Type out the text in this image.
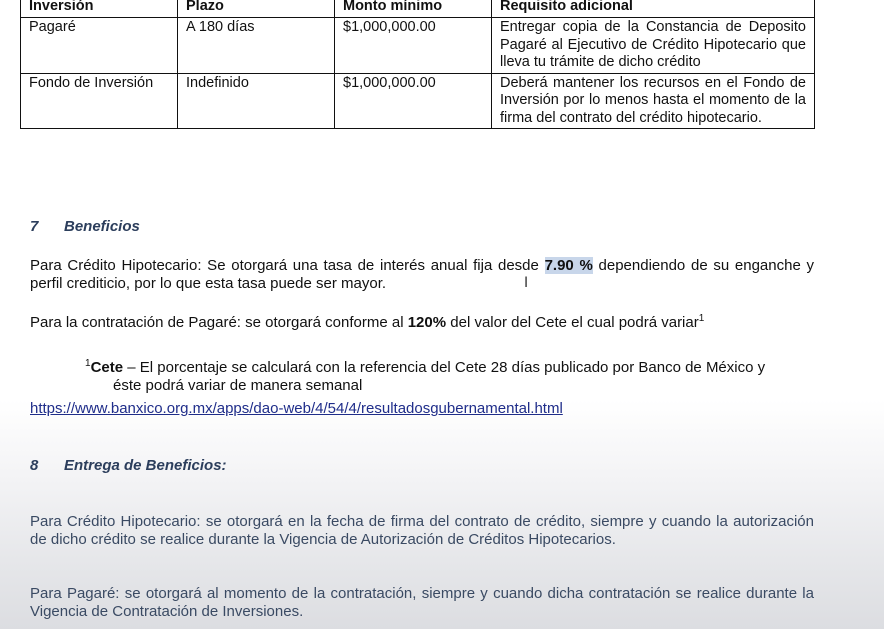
Inversión	Plazo	Monto mínimo	Requisito adicional
Pagaré	A 180 días	$1,000,000.00	Entregar copia de la Constancia de Deposito Pagaré al Ejecutivo de Crédito Hipotecario que lleva tu trámite de dicho crédito
Fondo de Inversión	Indefinido	$1,000,000.00	Deberá mantener los recursos en el Fondo de Inversión por lo menos hasta el momento de la firma del contrato del crédito hipotecario.
7 Beneficios

Para Crédito Hipotecario: Se otorgará una tasa de interés anual fija desde 7.90 % dependiendo de su enganche y perfil crediticio, por lo que esta tasa puede ser mayor.	I

Para la contratación de Pagaré: se otorgará conforme al 120% del valor del Cete el cual podrá variar$^1$

$^1$Cete – El porcentaje se calculará con la referencia del Cete 28 días publicado por Banco de México y
éste podrá variar de manera semanal

https://www.banxico.org.mx/apps/dao-web/4/54/4/resultadosgubernamental.html
8 Entrega de Beneficios:

Para Crédito Hipotecario: se otorgará en la fecha de firma del contrato de crédito, siempre y cuando la autorización de dicho crédito se realice durante la Vigencia de Autorización de Créditos Hipotecarios.

Para Pagaré: se otorgará al momento de la contratación, siempre y cuando dicha contratación se realice durante la Vigencia de Contratación de Inversiones.
